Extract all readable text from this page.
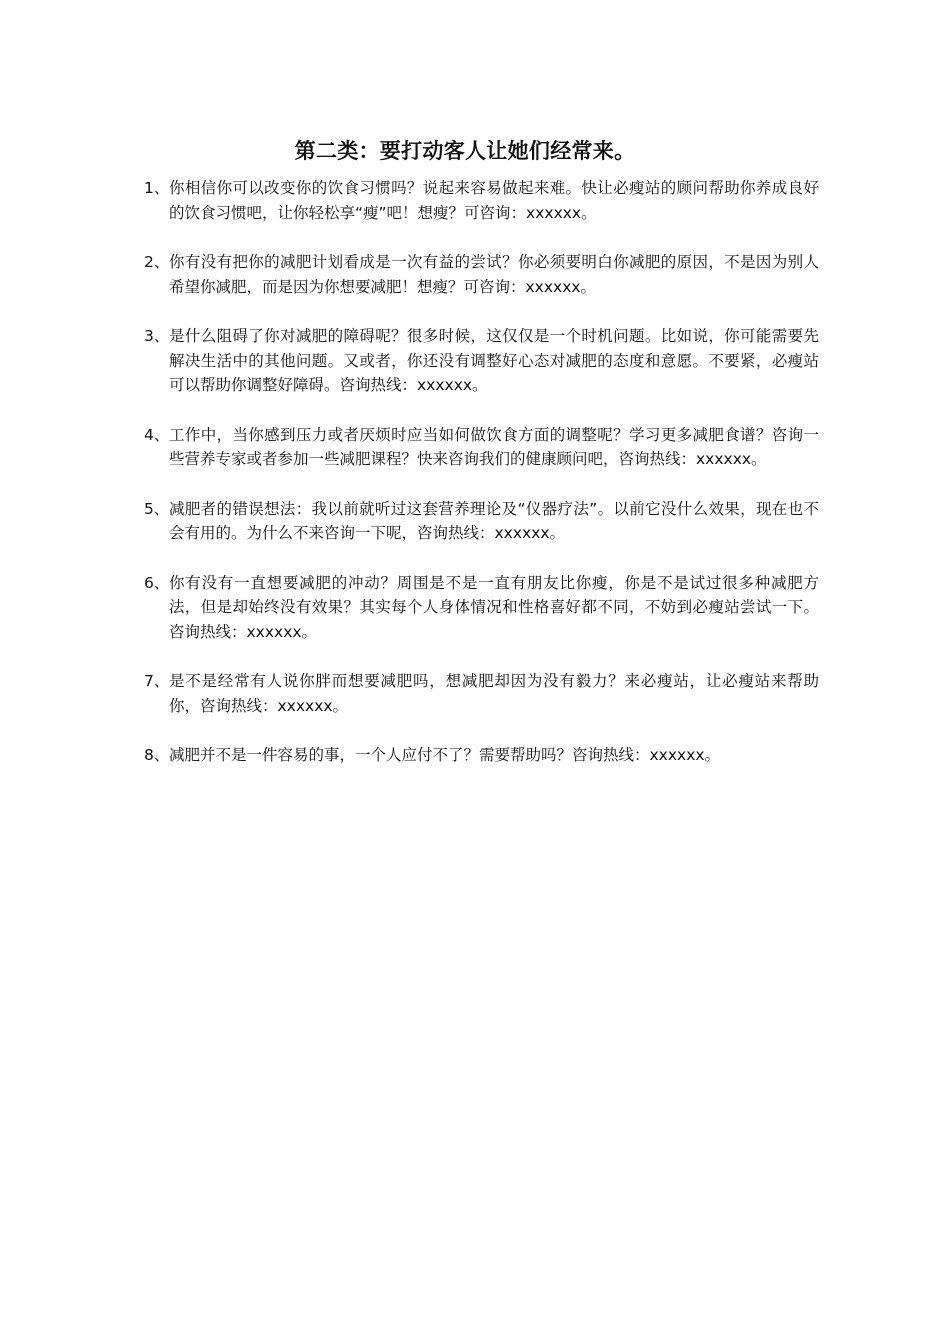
第二类：要打动客人让她们经常来。
1、 你相信你可以改变你的饮食习惯吗？说起来容易做起来难。快让必瘦站的顾问帮助你养成良好的饮食习惯吧，让你轻松享“瘦”吧！想瘦？可咨询：xxxxxx。
2、 你有没有把你的减肥计划看成是一次有益的尝试？你必须要明白你减肥的原因，不是因为别人希望你减肥，而是因为你想要减肥！想瘦？可咨询：xxxxxx。
3、 是什么阻碍了你对减肥的障碍呢？很多时候，这仅仅是一个时机问题。比如说，你可能需要先解决生活中的其他问题。又或者，你还没有调整好心态对减肥的态度和意愿。不要紧，必瘦站可以帮助你调整好障碍。咨询热线：xxxxxx。
4、 工作中，当你感到压力或者厌烦时应当如何做饮食方面的调整呢？学习更多减肥食谱？咨询一些营养专家或者参加一些减肥课程？快来咨询我们的健康顾问吧，咨询热线：xxxxxx。
5、 减肥者的错误想法：我以前就听过这套营养理论及“仪器疗法”。以前它没什么效果，现在也不会有用的。为什么不来咨询一下呢，咨询热线：xxxxxx。
6、 你有没有一直想要减肥的冲动？周围是不是一直有朋友比你瘦，你是不是试过很多种减肥方法，但是却始终没有效果？其实每个人身体情况和性格喜好都不同，不妨到必瘦站尝试一下。咨询热线：xxxxxx。
7、 是不是经常有人说你胖而想要减肥吗，想减肥却因为没有毅力？来必瘦站，让必瘦站来帮助你，咨询热线：xxxxxx。
8、 减肥并不是一件容易的事，一个人应付不了？需要帮助吗？咨询热线：xxxxxx。
